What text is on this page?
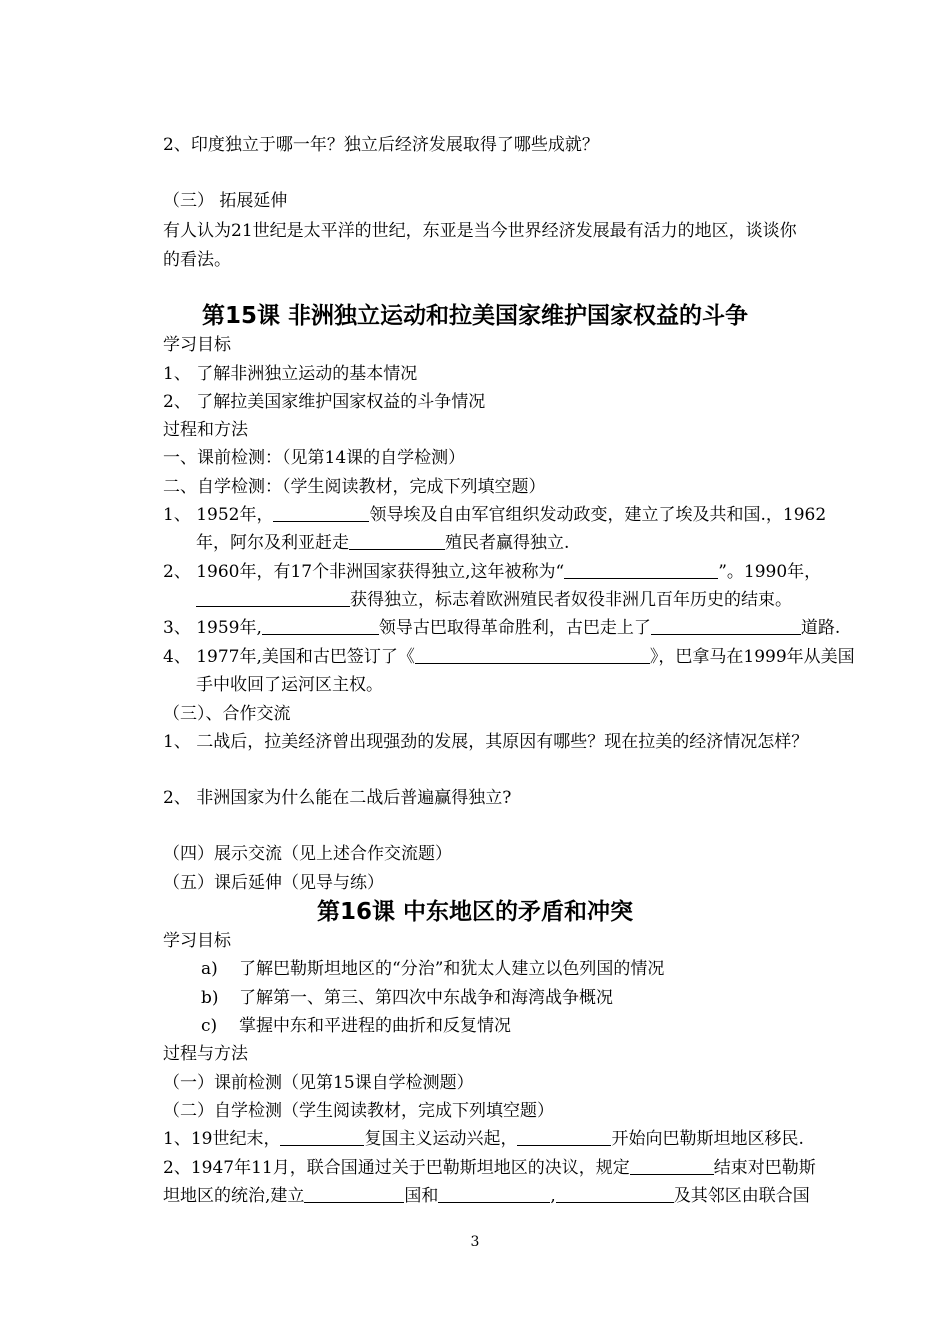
2、印度独立于哪一年？独立后经济发展取得了哪些成就？
（三） 拓展延伸
有人认为21世纪是太平洋的世纪，东亚是当今世界经济发展最有活力的地区，谈谈你
的看法。
第15课 非洲独立运动和拉美国家维护国家权益的斗争
学习目标
1、 了解非洲独立运动的基本情况
2、 了解拉美国家维护国家权益的斗争情况
过程和方法
一、课前检测：（见第14课的自学检测）
二、自学检测：（学生阅读教材，完成下列填空题）
1、 1952年，	领导埃及自由军官组织发动政变，建立了埃及共和国.，1962
年，阿尔及利亚赶走	殖民者赢得独立.
2、 1960年，有17个非洲国家获得独立,这年被称为“	”。1990年，
获得独立，标志着欧洲殖民者奴役非洲几百年历史的结束。
3、 1959年,	领导古巴取得革命胜利，古巴走上了	道路.
4、 1977年,美国和古巴签订了《	》，巴拿马在1999年从美国
手中收回了运河区主权。
（三）、合作交流
1、 二战后，拉美经济曾出现强劲的发展，其原因有哪些？现在拉美的经济情况怎样？
2、 非洲国家为什么能在二战后普遍赢得独立?
（四）展示交流（见上述合作交流题）
（五）课后延伸（见导与练）
第16课 中东地区的矛盾和冲突
学习目标
a) 了解巴勒斯坦地区的“分治”和犹太人建立以色列国的情况
b) 了解第一、第三、第四次中东战争和海湾战争概况
c) 掌握中东和平进程的曲折和反复情况
过程与方法
（一）课前检测（见第15课自学检测题）
（二）自学检测（学生阅读教材，完成下列填空题）
1、19世纪末，	复国主义运动兴起，	开始向巴勒斯坦地区移民.
2、1947年11月，联合国通过关于巴勒斯坦地区的决议，规定	结束对巴勒斯
坦地区的统治,建立	国和	,	及其邻区由联合国
3
